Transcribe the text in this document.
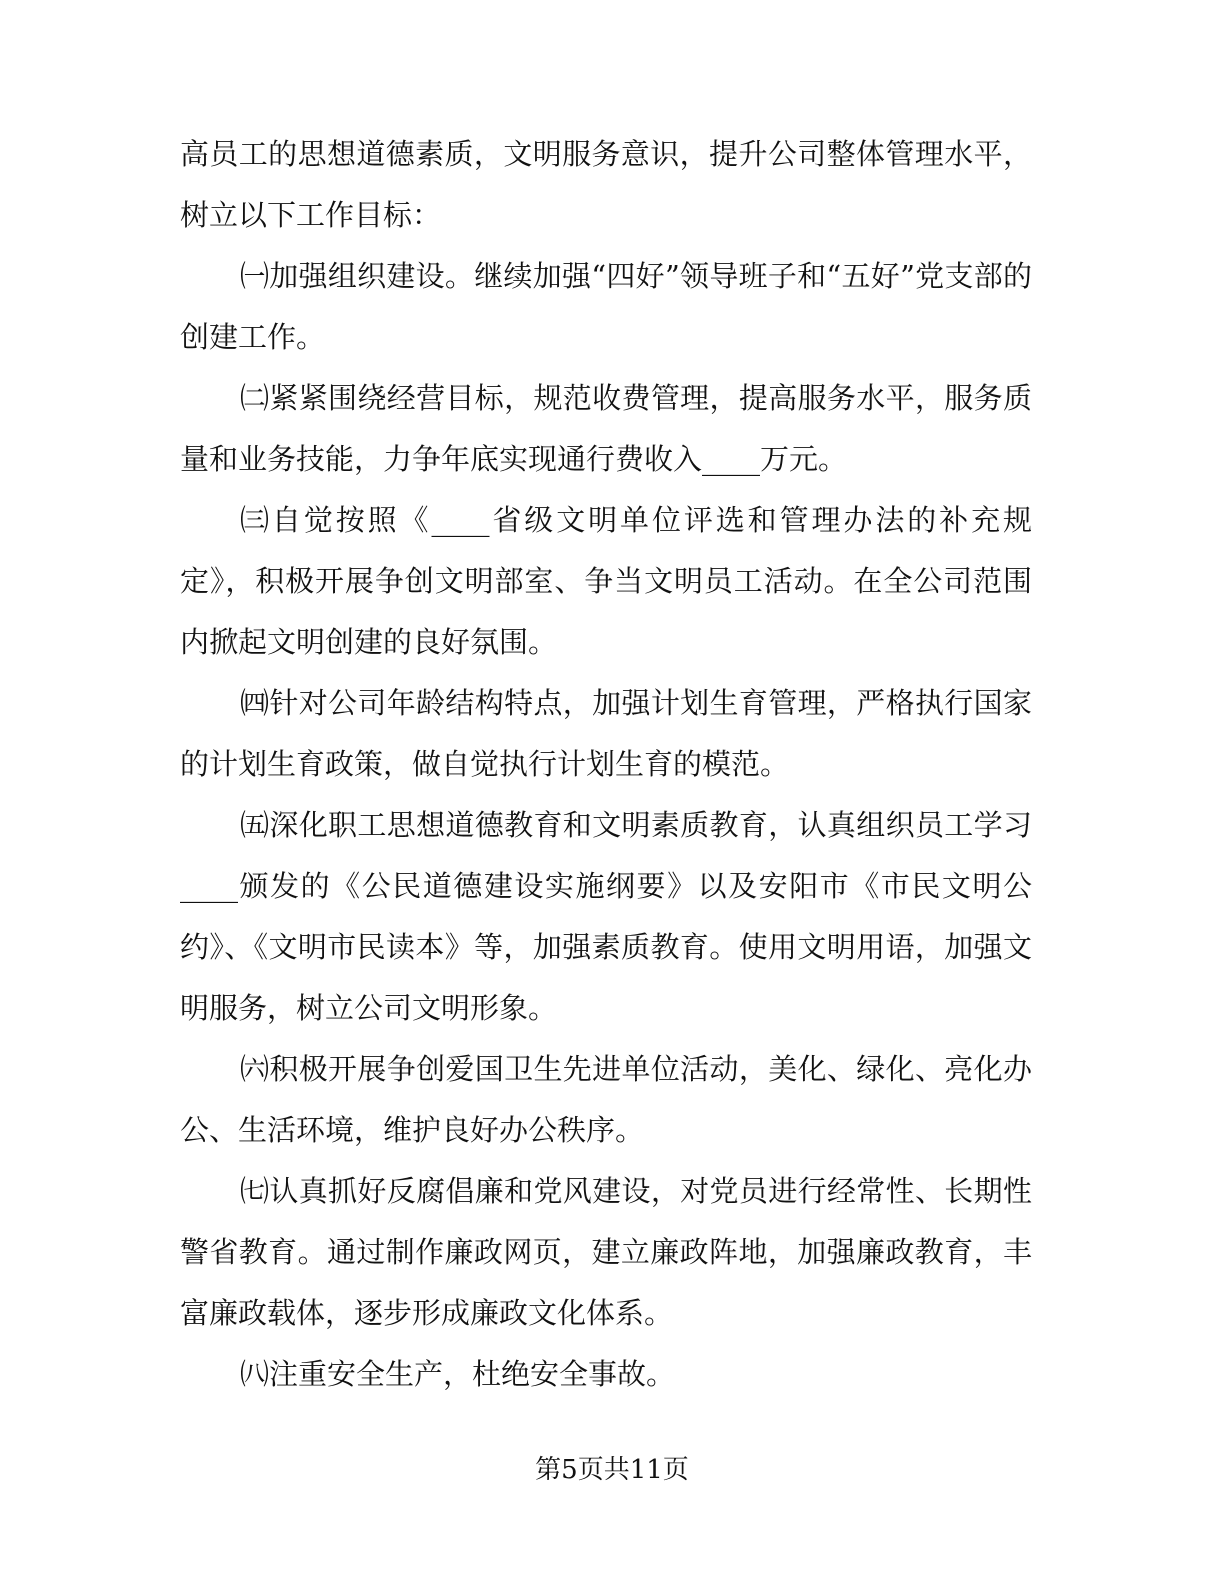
高员工的思想道德素质，文明服务意识，提升公司整体管理水平，树立以下工作目标：

㈠加强组织建设。继续加强“四好”领导班子和“五好”党支部的创建工作。

㈡紧紧围绕经营目标，规范收费管理，提高服务水平，服务质量和业务技能，力争年底实现通行费收入____万元。

㈢自觉按照《____省级文明单位评选和管理办法的补充规定》，积极开展争创文明部室、争当文明员工活动。在全公司范围内掀起文明创建的良好氛围。

㈣针对公司年龄结构特点，加强计划生育管理，严格执行国家的计划生育政策，做自觉执行计划生育的模范。

㈤深化职工思想道德教育和文明素质教育，认真组织员工学习____颁发的《公民道德建设实施纲要》以及安阳市《市民文明公约》、《文明市民读本》等，加强素质教育。使用文明用语，加强文明服务，树立公司文明形象。

㈥积极开展争创爱国卫生先进单位活动，美化、绿化、亮化办公、生活环境，维护良好办公秩序。

㈦认真抓好反腐倡廉和党风建设，对党员进行经常性、长期性警省教育。通过制作廉政网页，建立廉政阵地，加强廉政教育，丰富廉政载体，逐步形成廉政文化体系。

㈧注重安全生产，杜绝安全事故。

第5页共11页
